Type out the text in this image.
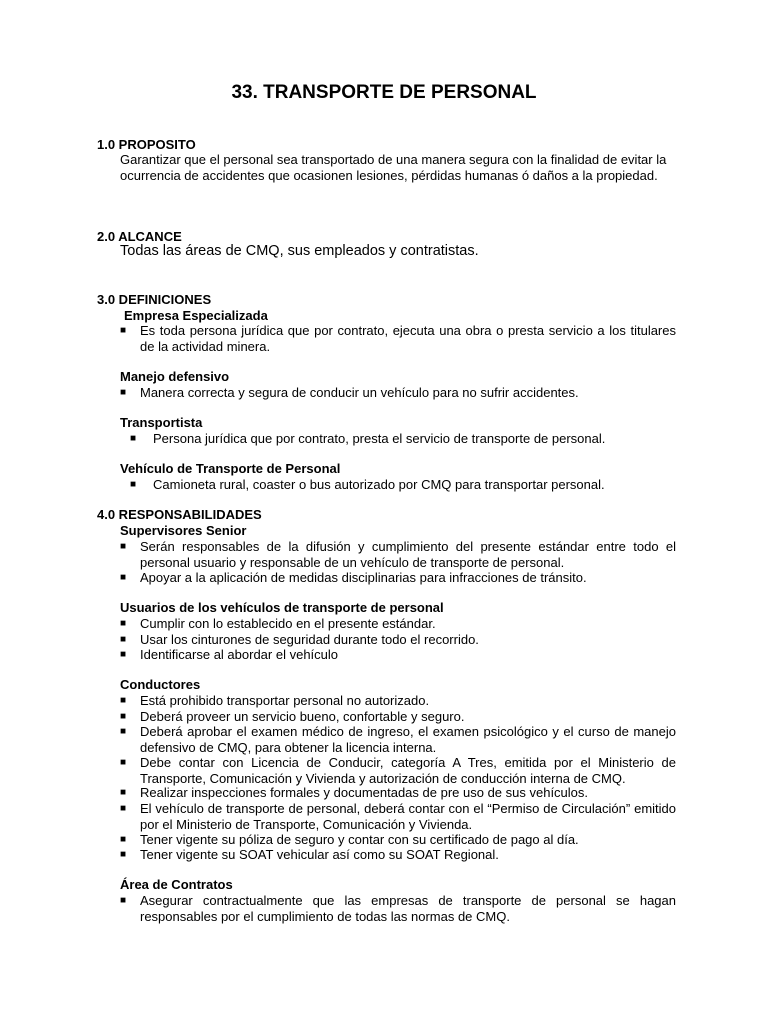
33. TRANSPORTE DE PERSONAL
1.0 PROPOSITO
Garantizar que el personal sea transportado de una manera segura con la finalidad de evitar la ocurrencia de accidentes que ocasionen lesiones, pérdidas humanas ó daños a la propiedad.
2.0 ALCANCE
Todas las áreas de CMQ, sus empleados y contratistas.
3.0 DEFINICIONES
Empresa Especializada
■ Es toda persona jurídica que por contrato, ejecuta una obra o presta servicio a los titulares de la actividad minera.
Manejo defensivo
■ Manera correcta y segura de conducir un vehículo para no sufrir accidentes.
Transportista
■ Persona jurídica que por contrato, presta el servicio de transporte de personal.
Vehículo de Transporte de Personal
■ Camioneta rural, coaster o bus autorizado por CMQ para transportar personal.
4.0 RESPONSABILIDADES
Supervisores Senior
■ Serán responsables de la difusión y cumplimiento del presente estándar entre todo el personal usuario y responsable de un vehículo de transporte de personal.
■ Apoyar a la aplicación de medidas disciplinarias para infracciones de tránsito.
Usuarios de los vehículos de transporte de personal
■ Cumplir con lo establecido en el presente estándar.
■ Usar los cinturones de seguridad durante todo el recorrido.
■ Identificarse al abordar el vehículo
Conductores
■ Está prohibido transportar personal no autorizado.
■ Deberá proveer un servicio bueno, confortable y seguro.
■ Deberá aprobar el examen médico de ingreso, el examen psicológico y el curso de manejo defensivo de CMQ, para obtener la licencia interna.
■ Debe contar con Licencia de Conducir, categoría A Tres, emitida por el Ministerio de Transporte, Comunicación y Vivienda y autorización de conducción interna de CMQ.
■ Realizar inspecciones formales y documentadas de pre uso de sus vehículos.
■ El vehículo de transporte de personal, deberá contar con el “Permiso de Circulación” emitido por el Ministerio de Transporte, Comunicación y Vivienda.
■ Tener vigente su póliza de seguro y contar con su certificado de pago al día.
■ Tener vigente su SOAT vehicular así como su SOAT Regional.
Área de Contratos
■ Asegurar contractualmente que las empresas de transporte de personal se hagan responsables por el cumplimiento de todas las normas de CMQ.
